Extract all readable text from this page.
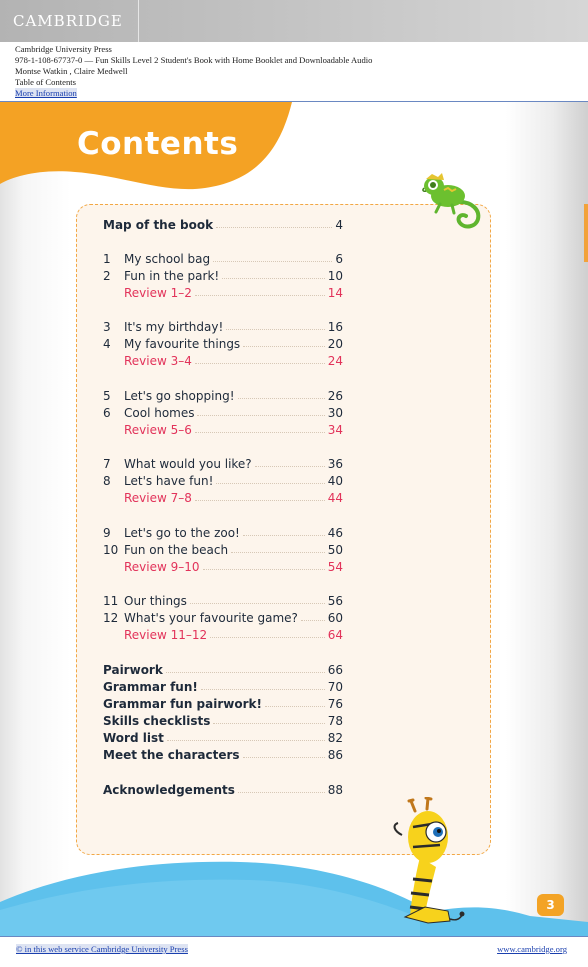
CAMBRIDGE
Cambridge University Press
978-1-108-67737-0 — Fun Skills Level 2 Student's Book with Home Booklet and Downloadable Audio
Montse Watkin , Claire Medwell
Table of Contents
More Information
Contents
Map of the book	4
1	My school bag	6
2	Fun in the park!	10
Review 1–2	14
3	It's my birthday!	16
4	My favourite things	20
Review 3–4	24
5	Let's go shopping!	26
6	Cool homes	30
Review 5–6	34
7	What would you like?	36
8	Let's have fun!	40
Review 7–8	44
9	Let's go to the zoo!	46
10 Fun on the beach	50
Review 9–10	54
11 Our things	56
12 What's your favourite game? 60
Review 11–12	64
Pairwork	66
Grammar fun!	70
Grammar fun pairwork!	76
Skills checklists	78
Word list	82
Meet the characters	86
Acknowledgements	88
3
© in this web service Cambridge University Press	www.cambridge.org
